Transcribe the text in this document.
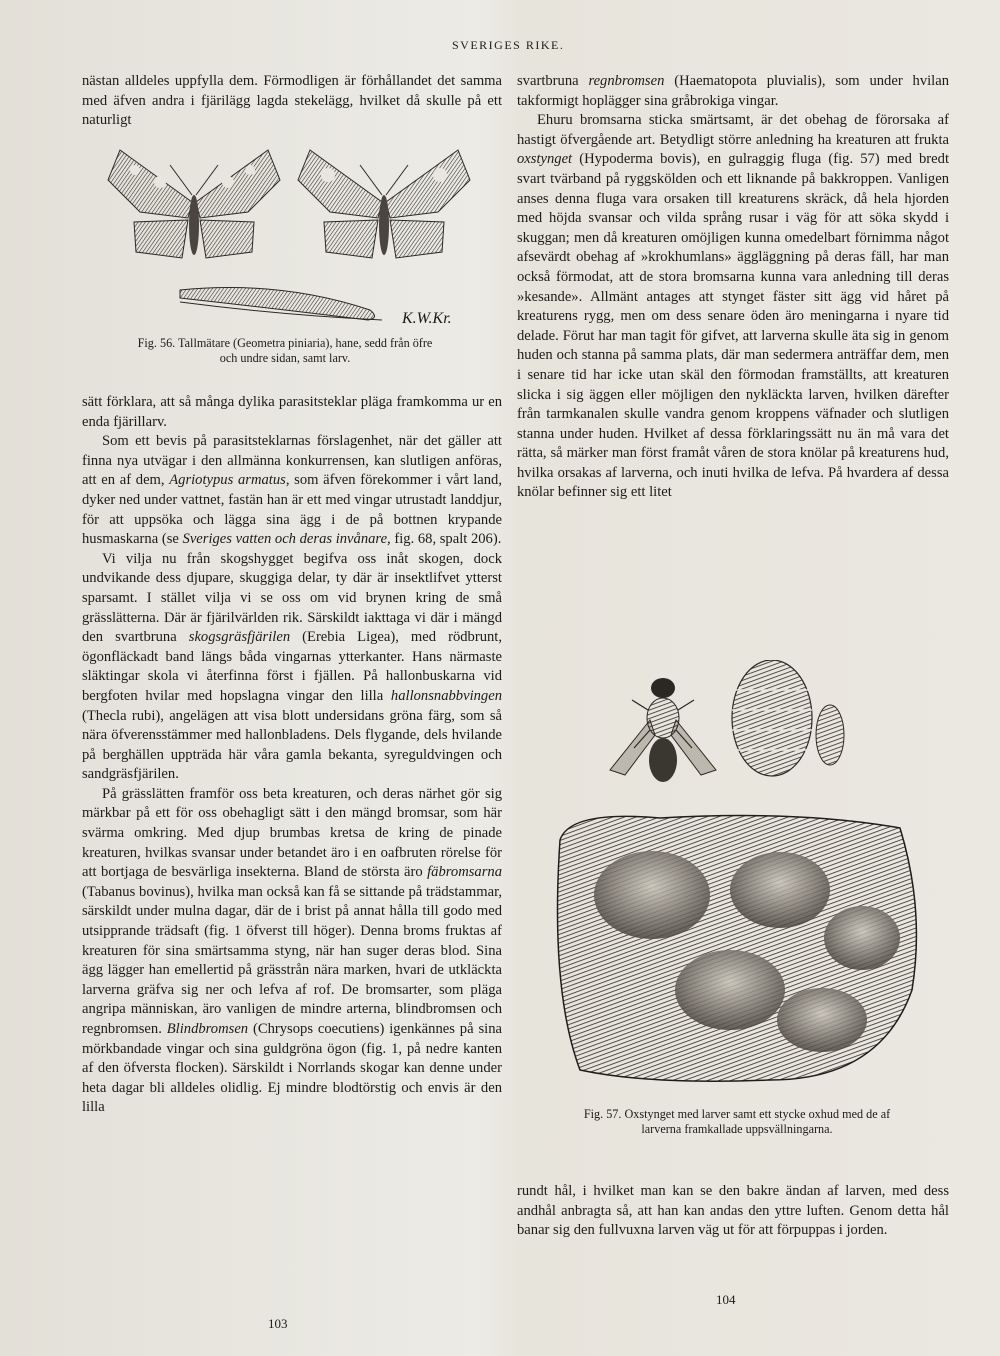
SVERIGES RIKE.

nästan alldeles uppfylla dem. Förmodligen är förhållandet det samma med äfven andra i fjärilägg lagda stekelägg, hvilket då skulle på ett naturligt

K.W.Kr.
Fig. 56. Tallmätare (Geometra piniaria), hane, sedd från öfre och undre sidan, samt larv.

sätt förklara, att så många dylika parasitsteklar pläga framkomma ur en enda fjärillarv.

Som ett bevis på parasitsteklarnas förslagenhet, när det gäller att finna nya utvägar i den allmänna konkurrensen, kan slutligen anföras, att en af dem, Agriotypus armatus, som äfven förekommer i vårt land, dyker ned under vattnet, fastän han är ett med vingar utrustadt landdjur, för att uppsöka och lägga sina ägg i de på bottnen krypande husmaskarna (se Sveriges vatten och deras invånare, fig. 68, spalt 206).

Vi vilja nu från skogshygget begifva oss inåt skogen, dock undvikande dess djupare, skuggiga delar, ty där är insektlifvet ytterst sparsamt. I stället vilja vi se oss om vid brynen kring de små grässlätterna. Där är fjärilvärlden rik. Särskildt iakttaga vi där i mängd den svartbruna skogsgräsfjärilen (Erebia Ligea), med rödbrunt, ögonfläckadt band längs båda vingarnas ytterkanter. Hans närmaste släktingar skola vi återfinna först i fjällen. På hallonbuskarna vid bergfoten hvilar med hopslagna vingar den lilla hallonsnabbvingen (Thecla rubi), angelägen att visa blott undersidans gröna färg, som så nära öfverensstämmer med hallonbladens. Dels flygande, dels hvilande på berghällen uppträda här våra gamla bekanta, syreguldvingen och sandgräsfjärilen.

På grässlätten framför oss beta kreaturen, och deras närhet gör sig märkbar på ett för oss obehagligt sätt i den mängd bromsar, som här svärma omkring. Med djup brumbas kretsa de kring de pinade kreaturen, hvilkas svansar under betandet äro i en oafbruten rörelse för att bortjaga de besvärliga insekterna. Bland de största äro fäbromsarna (Tabanus bovinus), hvilka man också kan få se sittande på trädstammar, särskildt under mulna dagar, där de i brist på annat hålla till godo med utsipprande trädsaft (fig. 1 öfverst till höger). Denna broms fruktas af kreaturen för sina smärtsamma styng, när han suger deras blod. Sina ägg lägger han emellertid på grässtrån nära marken, hvari de utkläckta larverna gräfva sig ner och lefva af rof. De bromsarter, som pläga angripa människan, äro vanligen de mindre arterna, blindbromsen och regnbromsen. Blindbromsen (Chrysops coecutiens) igenkännes på sina mörkbandade vingar och sina guldgröna ögon (fig. 1, på nedre kanten af den öfversta flocken). Särskildt i Norrlands skogar kan denne under heta dagar bli alldeles olidlig. Ej mindre blodtörstig och envis är den lilla

103

svartbruna regnbromsen (Haematopota pluvialis), som under hvilan takformigt hoplägger sina gråbrokiga vingar.

Ehuru bromsarna sticka smärtsamt, är det obehag de förorsaka af hastigt öfvergående art. Betydligt större anledning ha kreaturen att frukta oxstynget (Hypoderma bovis), en gulraggig fluga (fig. 57) med bredt svart tvärband på ryggskölden och ett liknande på bakkroppen. Vanligen anses denna fluga vara orsaken till kreaturens skräck, då hela hjorden med höjda svansar och vilda språng rusar i väg för att söka skydd i skuggan; men då kreaturen omöjligen kunna omedelbart förnimma något afsevärdt obehag af »krokhumlans» äggläggning på deras fäll, har man också förmodat, att de stora bromsarna kunna vara anledning till deras »kesande». Allmänt antages att stynget fäster sitt ägg vid håret på kreaturens rygg, men om dess senare öden äro meningarna i nyare tid delade. Förut har man tagit för gifvet, att larverna skulle äta sig in genom huden och stanna på samma plats, där man sedermera anträffar dem, men i senare tid har icke utan skäl den förmodan framställts, att kreaturen slicka i sig äggen eller möjligen den nykläckta larven, hvilken därefter från tarmkanalen skulle vandra genom kroppens väfnader och slutligen stanna under huden. Hvilket af dessa förklaringssätt nu än må vara det rätta, så märker man först framåt våren de stora knölar på kreaturens hud, hvilka orsakas af larverna, och inuti hvilka de lefva. På hvardera af dessa knölar befinner sig ett litet

Fig. 57. Oxstynget med larver samt ett stycke oxhud med de af larverna framkallade uppsvällningarna.

rundt hål, i hvilket man kan se den bakre ändan af larven, med dess andhål anbragta så, att han kan andas den yttre luften. Genom detta hål banar sig den fullvuxna larven väg ut för att förpuppas i jorden.

104
